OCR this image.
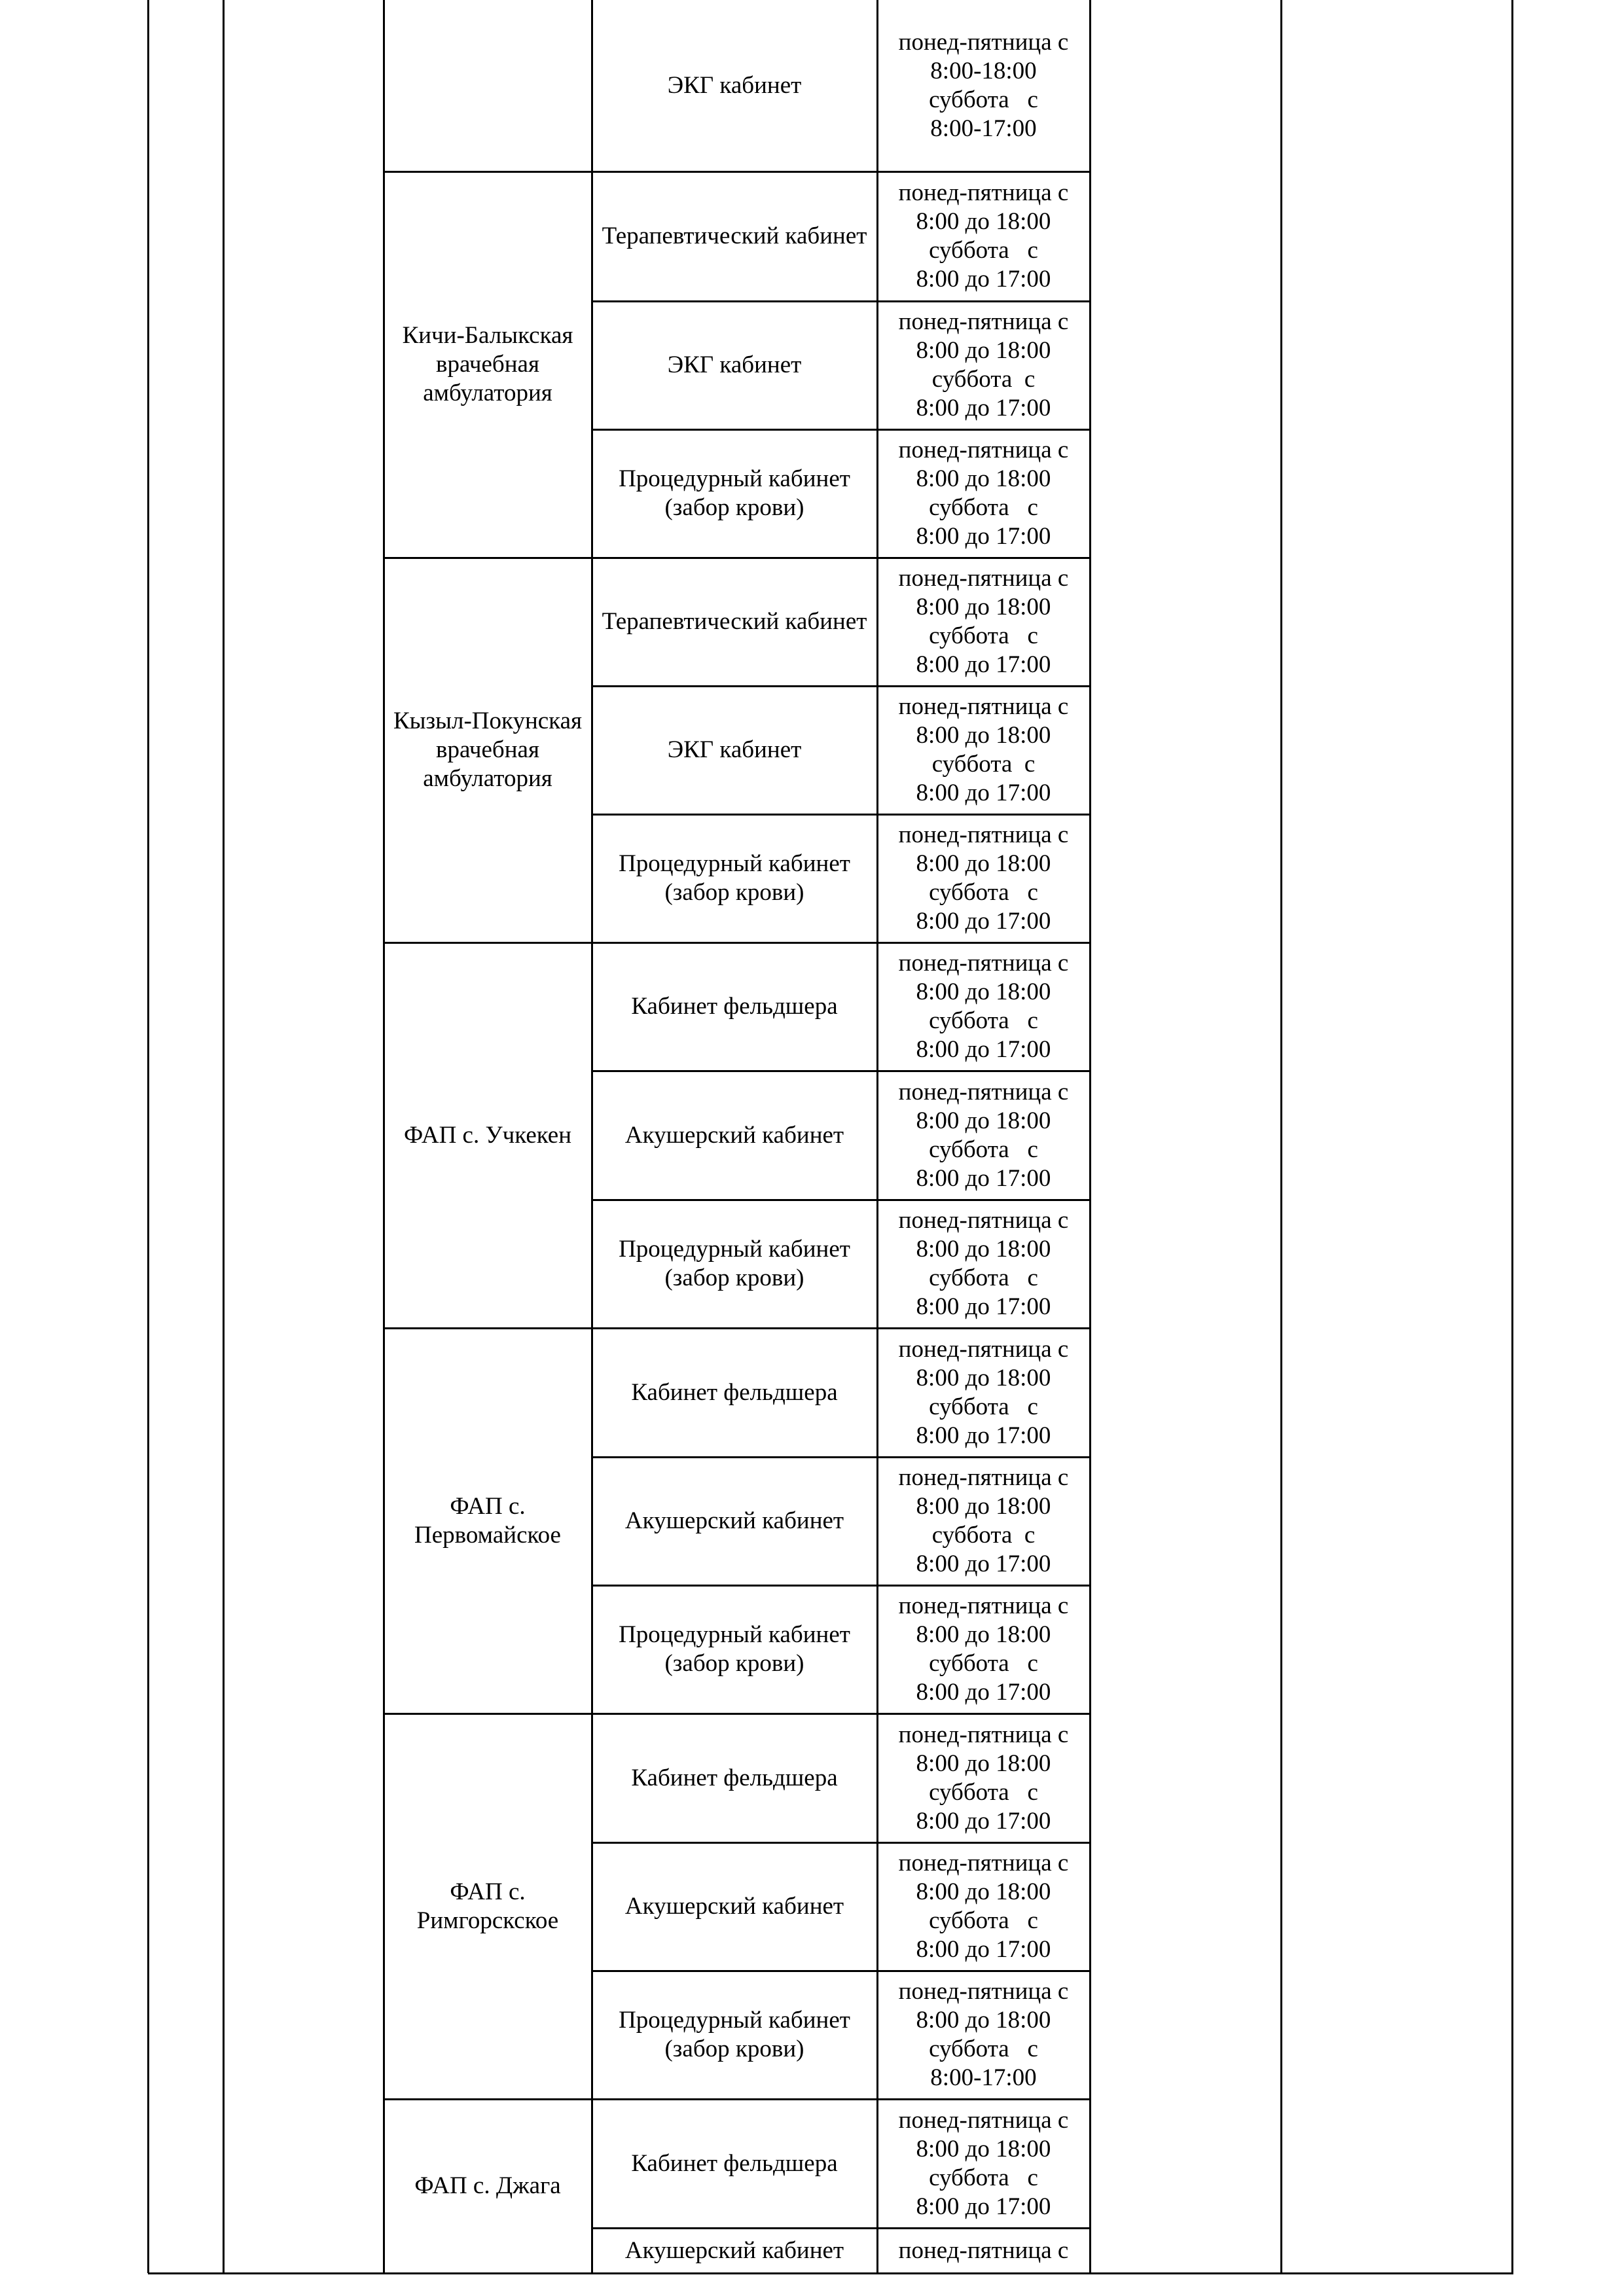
ЭКГ кабинет
понед-пятница с
8:00-18:00
суббота   с
8:00-17:00
Кичи-Балыкская
врачебная
амбулатория
Терапевтический кабинет
понед-пятница с
8:00 до 18:00
суббота   с
8:00 до 17:00
ЭКГ кабинет
понед-пятница с
8:00 до 18:00
суббота  с
8:00 до 17:00
Процедурный кабинет
(забор крови)
понед-пятница с
8:00 до 18:00
суббота   с
8:00 до 17:00
Кызыл-Покунская
врачебная
амбулатория
Терапевтический кабинет
понед-пятница с
8:00 до 18:00
суббота   с
8:00 до 17:00
ЭКГ кабинет
понед-пятница с
8:00 до 18:00
суббота  с
8:00 до 17:00
Процедурный кабинет
(забор крови)
понед-пятница с
8:00 до 18:00
суббота   с
8:00 до 17:00
ФАП с. Учкекен
Кабинет фельдшера
понед-пятница с
8:00 до 18:00
суббота   с
8:00 до 17:00
Акушерский кабинет
понед-пятница с
8:00 до 18:00
суббота   с
8:00 до 17:00
Процедурный кабинет
(забор крови)
понед-пятница с
8:00 до 18:00
суббота   с
8:00 до 17:00
ФАП с.
Первомайское
Кабинет фельдшера
понед-пятница с
8:00 до 18:00
суббота   с
8:00 до 17:00
Акушерский кабинет
понед-пятница с
8:00 до 18:00
суббота  с
8:00 до 17:00
Процедурный кабинет
(забор крови)
понед-пятница с
8:00 до 18:00
суббота   с
8:00 до 17:00
ФАП с.
Римгорскское
Кабинет фельдшера
понед-пятница с
8:00 до 18:00
суббота   с
8:00 до 17:00
Акушерский кабинет
понед-пятница с
8:00 до 18:00
суббота   с
8:00 до 17:00
Процедурный кабинет
(забор крови)
понед-пятница с
8:00 до 18:00
суббота   с
8:00-17:00
ФАП с. Джага
Кабинет фельдшера
понед-пятница с
8:00 до 18:00
суббота   с
8:00 до 17:00
Акушерский кабинет понед-пятница с
